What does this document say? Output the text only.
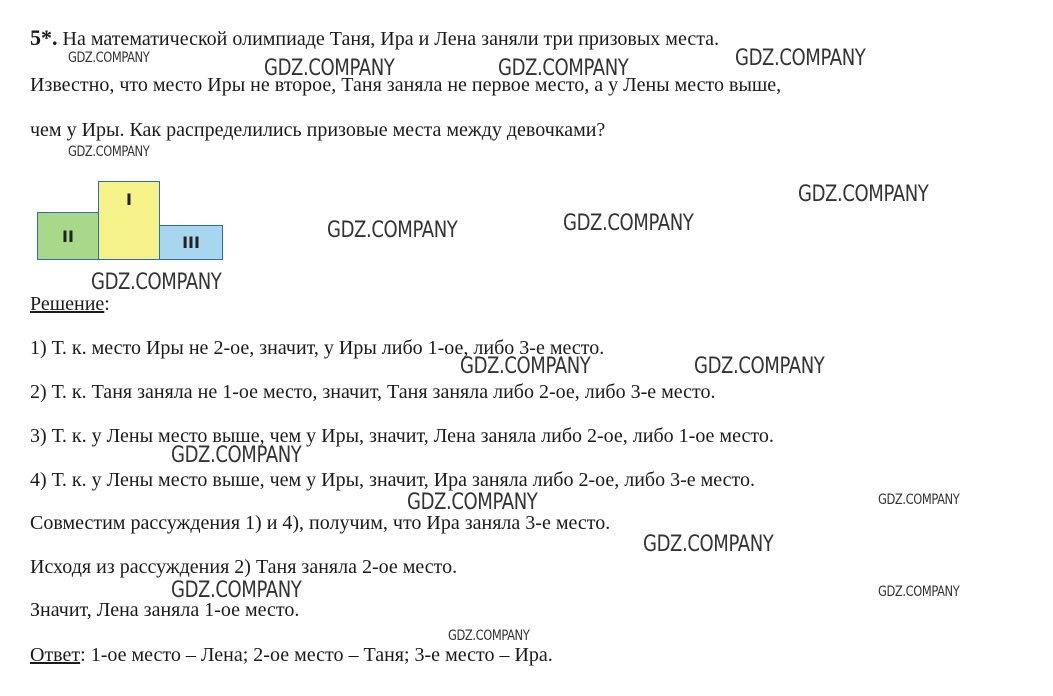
5*. На математической олимпиаде Таня, Ира и Лена заняли три призовых места.
Известно, что место Иры не второе, Таня заняла не первое место, а у Лены место выше,
чем у Иры. Как распределились призовые места между девочками?
II
I
III
Решение:
1) Т. к. место Иры не 2-ое, значит, у Иры либо 1-ое, либо 3-е место.
2) Т. к. Таня заняла не 1-ое место, значит, Таня заняла либо 2-ое, либо 3-е место.
3) Т. к. у Лены место выше, чем у Иры, значит, Лена заняла либо 2-ое, либо 1-ое место.
4) Т. к. у Лены место выше, чем у Иры, значит, Ира заняла либо 2-ое, либо 3-е место.
Совместим рассуждения 1) и 4), получим, что Ира заняла 3-е место.
Исходя из рассуждения 2) Таня заняла 2-ое место.
Значит, Лена заняла 1-ое место.
Ответ: 1-ое место – Лена; 2-ое место – Таня; 3-е место – Ира.
GDZ.COMPANY	GDZ.COMPANY	GDZ.COMPANY	GDZ.COMPANY
GDZ.COMPANY
GDZ.COMPANY
GDZ.COMPANY
GDZ.COMPANY
GDZ.COMPANY
GDZ.COMPANY	GDZ.COMPANY
GDZ.COMPANY
GDZ.COMPANY	GDZ.COMPANY
GDZ.COMPANY
GDZ.COMPANY	GDZ.COMPANY
GDZ.COMPANY
